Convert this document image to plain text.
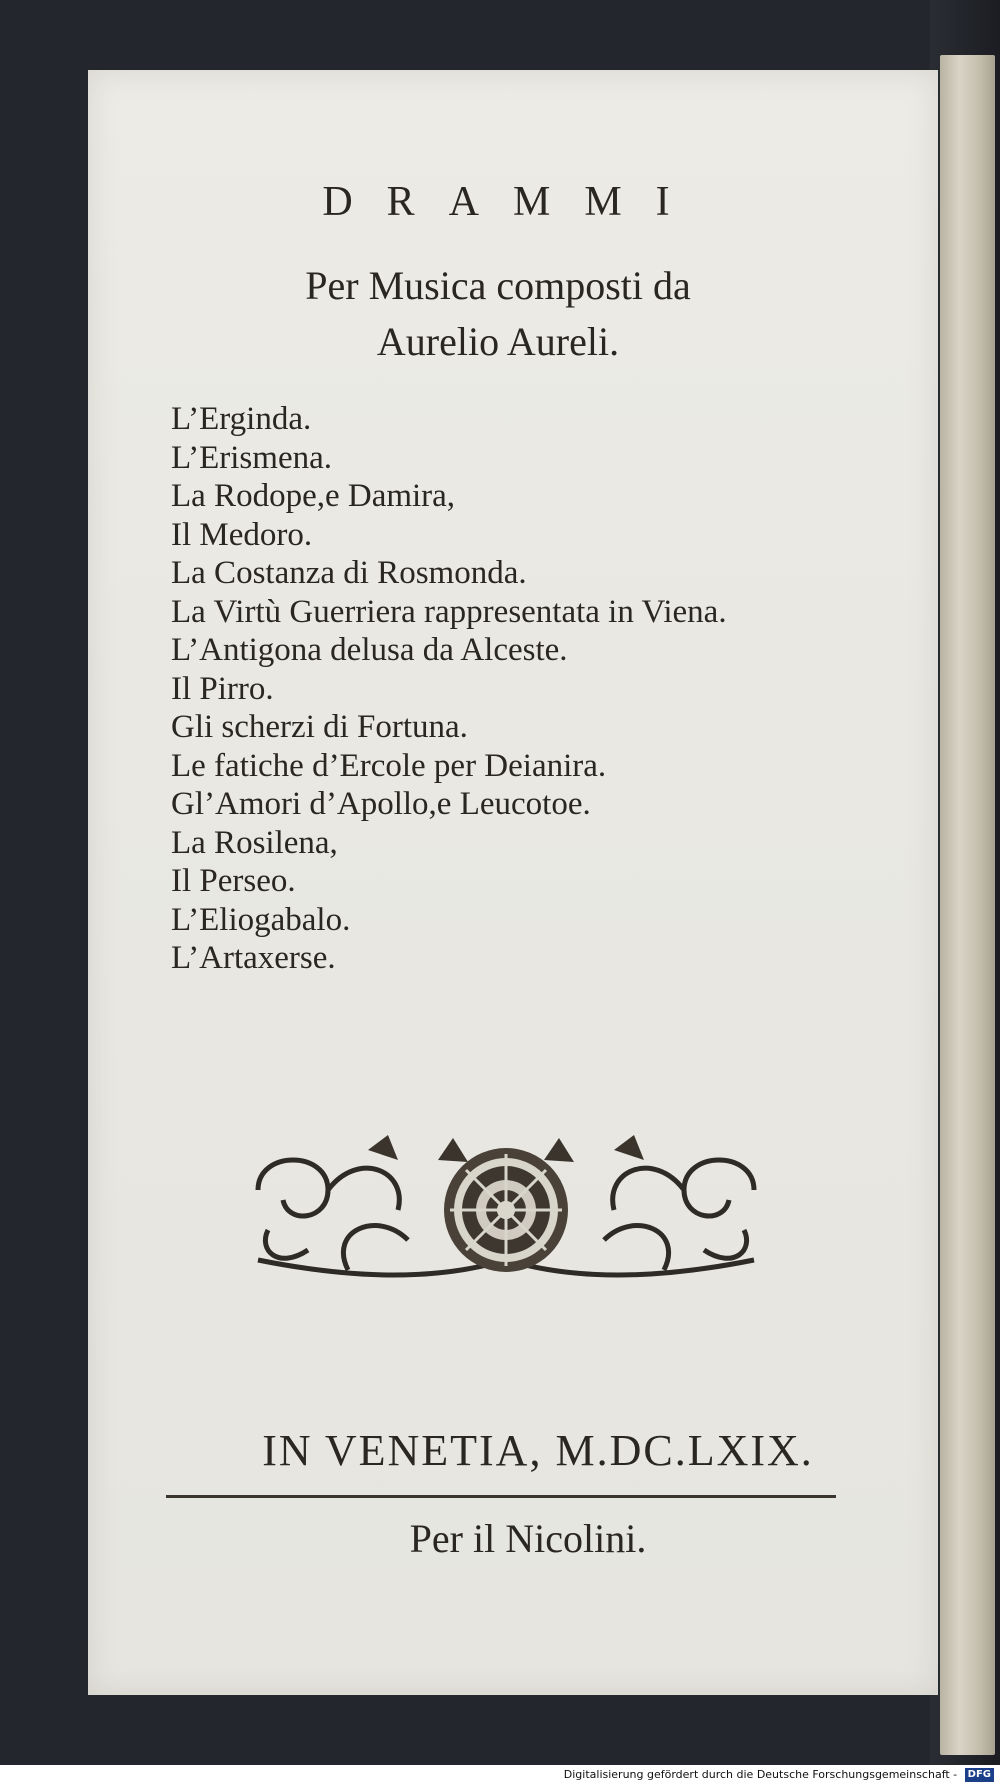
DRAMMI
Per Musica composti da
Aurelio Aureli.
L’Erginda.
L’Erismena.
La Rodope,e Damira,
Il Medoro.
La Costanza di Rosmonda.
La Virtù Guerriera rappresentata in Viena.
L’Antigona delusa da Alceste.
Il Pirro.
Gli scherzi di Fortuna.
Le fatiche d’Ercole per Deianira.
Gl’Amori d’Apollo,e Leucotoe.
La Rosilena,
Il Perseo.
L’Eliogabalo.
L’Artaxerse.
IN VENETIA, M.DC.LXIX.
Per il Nicolini.
Digitalisierung gefördert durch die Deutsche Forschungsgemeinschaft - DFG
